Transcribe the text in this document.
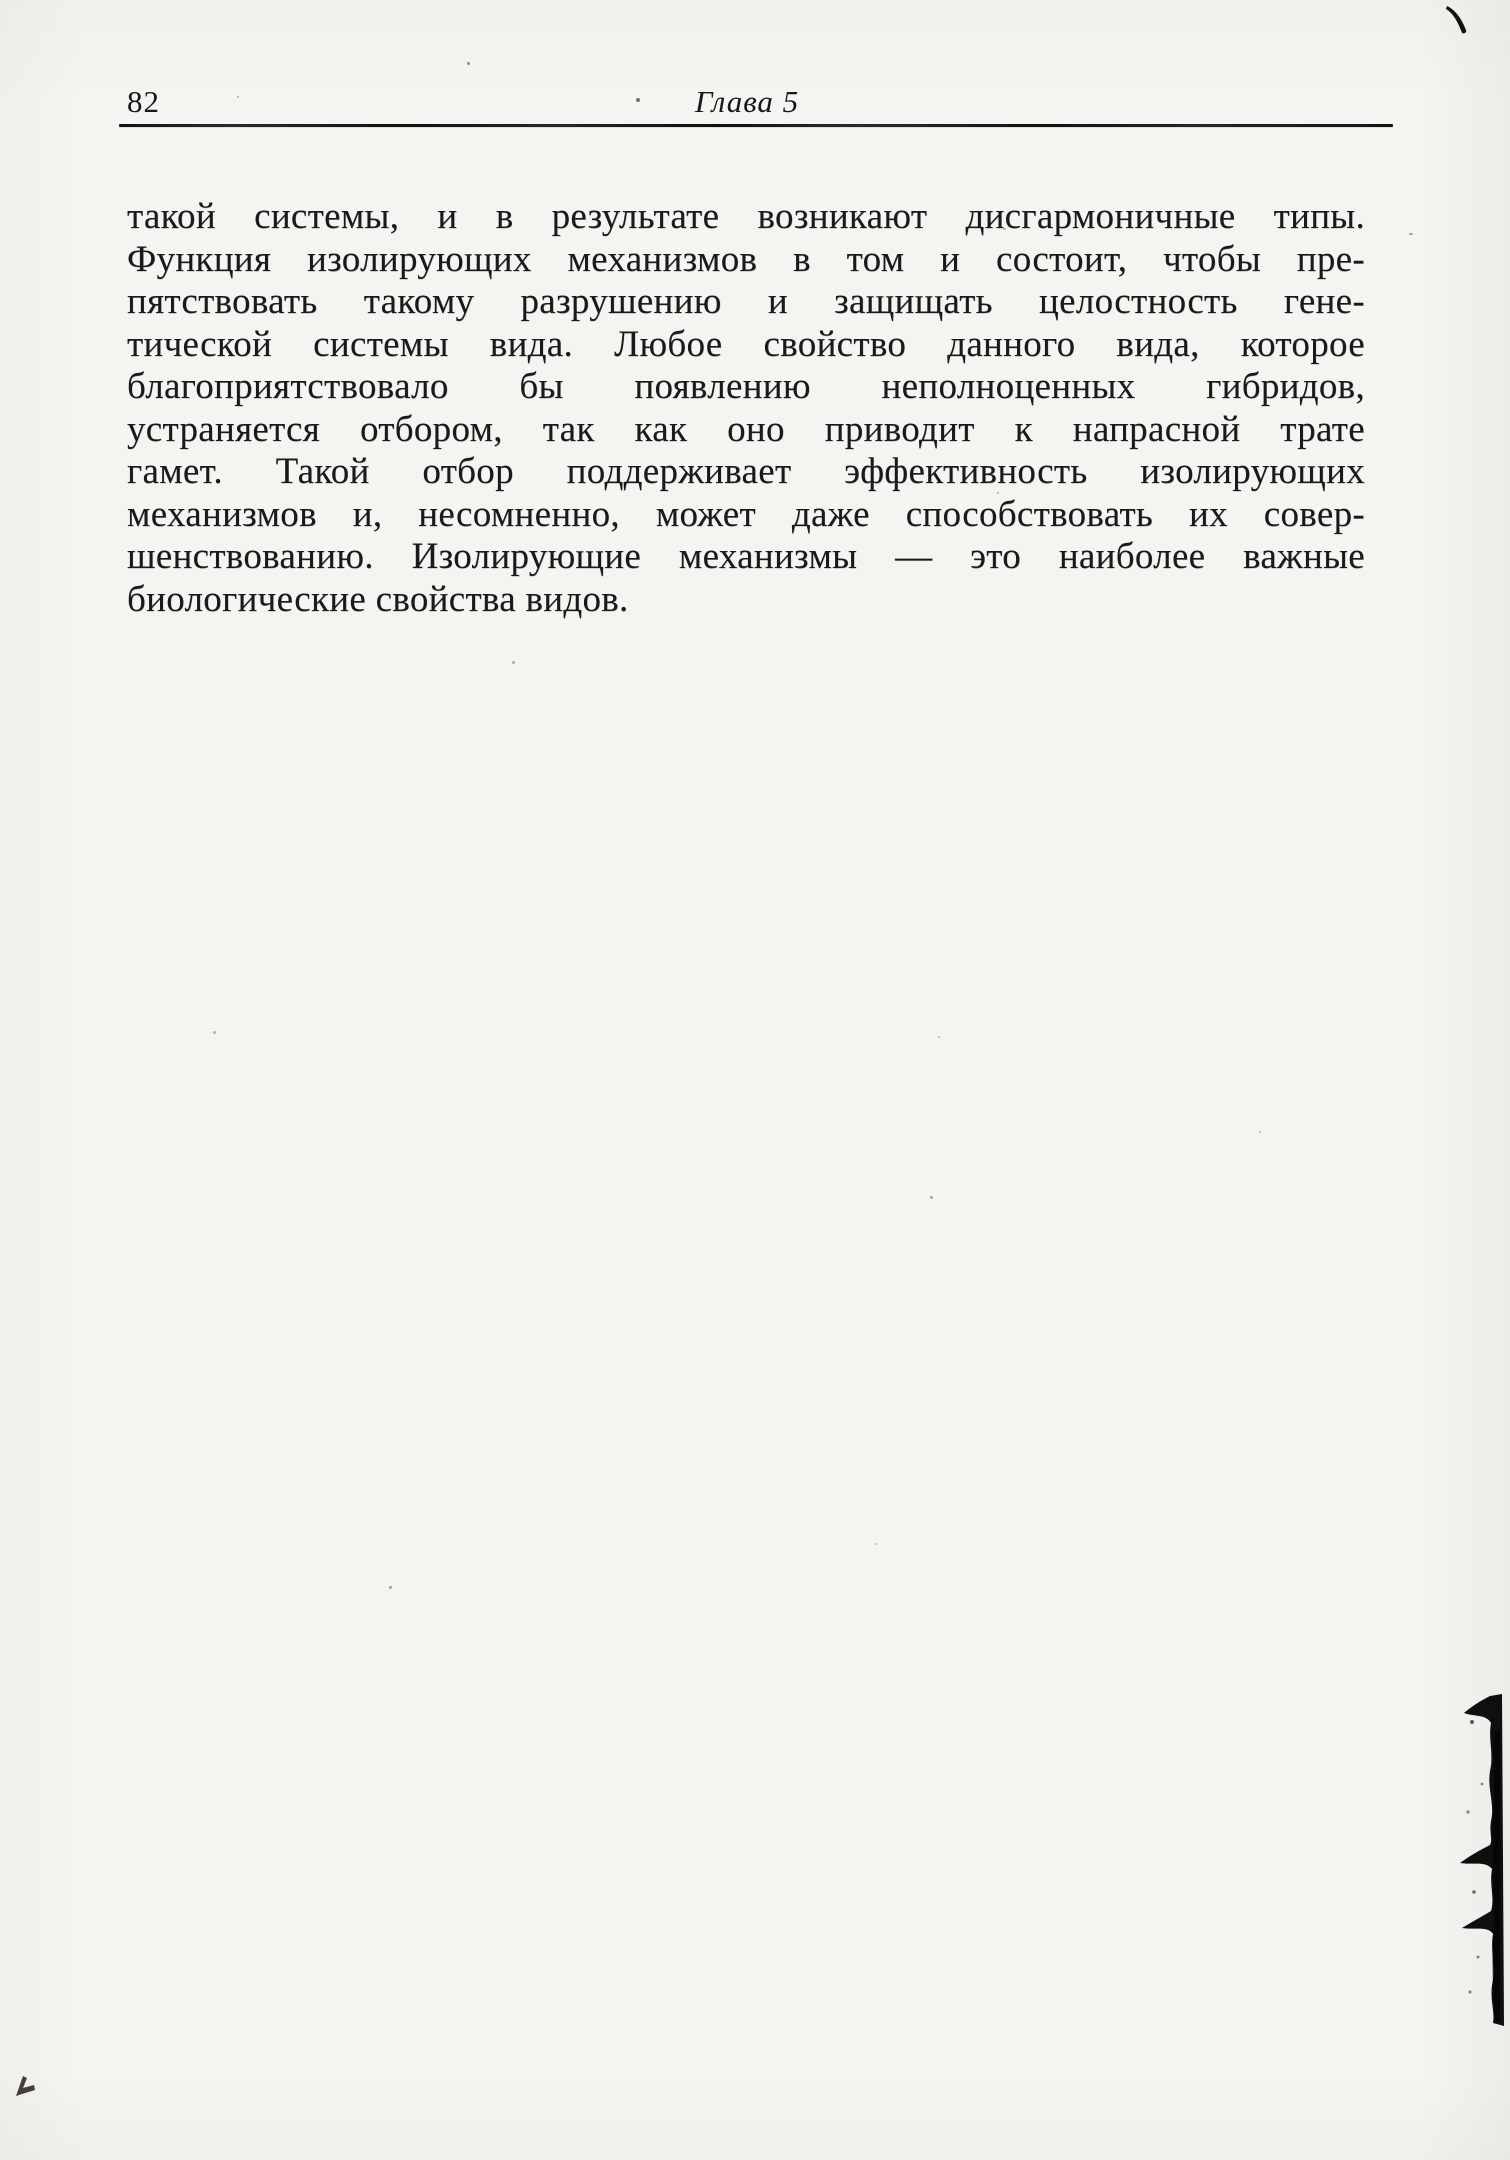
82	Глава 5
такой системы, и в результате возникают дисгармоничные типы.
Функция изолирующих механизмов в том и состоит, чтобы пре-
пятствовать такому разрушению и защищать целостность гене-
тической системы вида. Любое свойство данного вида, которое
благоприятствовало бы появлению неполноценных гибридов,
устраняется отбором, так как оно приводит к напрасной трате
гамет. Такой отбор поддерживает эффективность изолирующих
механизмов и, несомненно, может даже способствовать их совер-
шенствованию. Изолирующие механизмы — это наиболее важные
биологические свойства видов.
